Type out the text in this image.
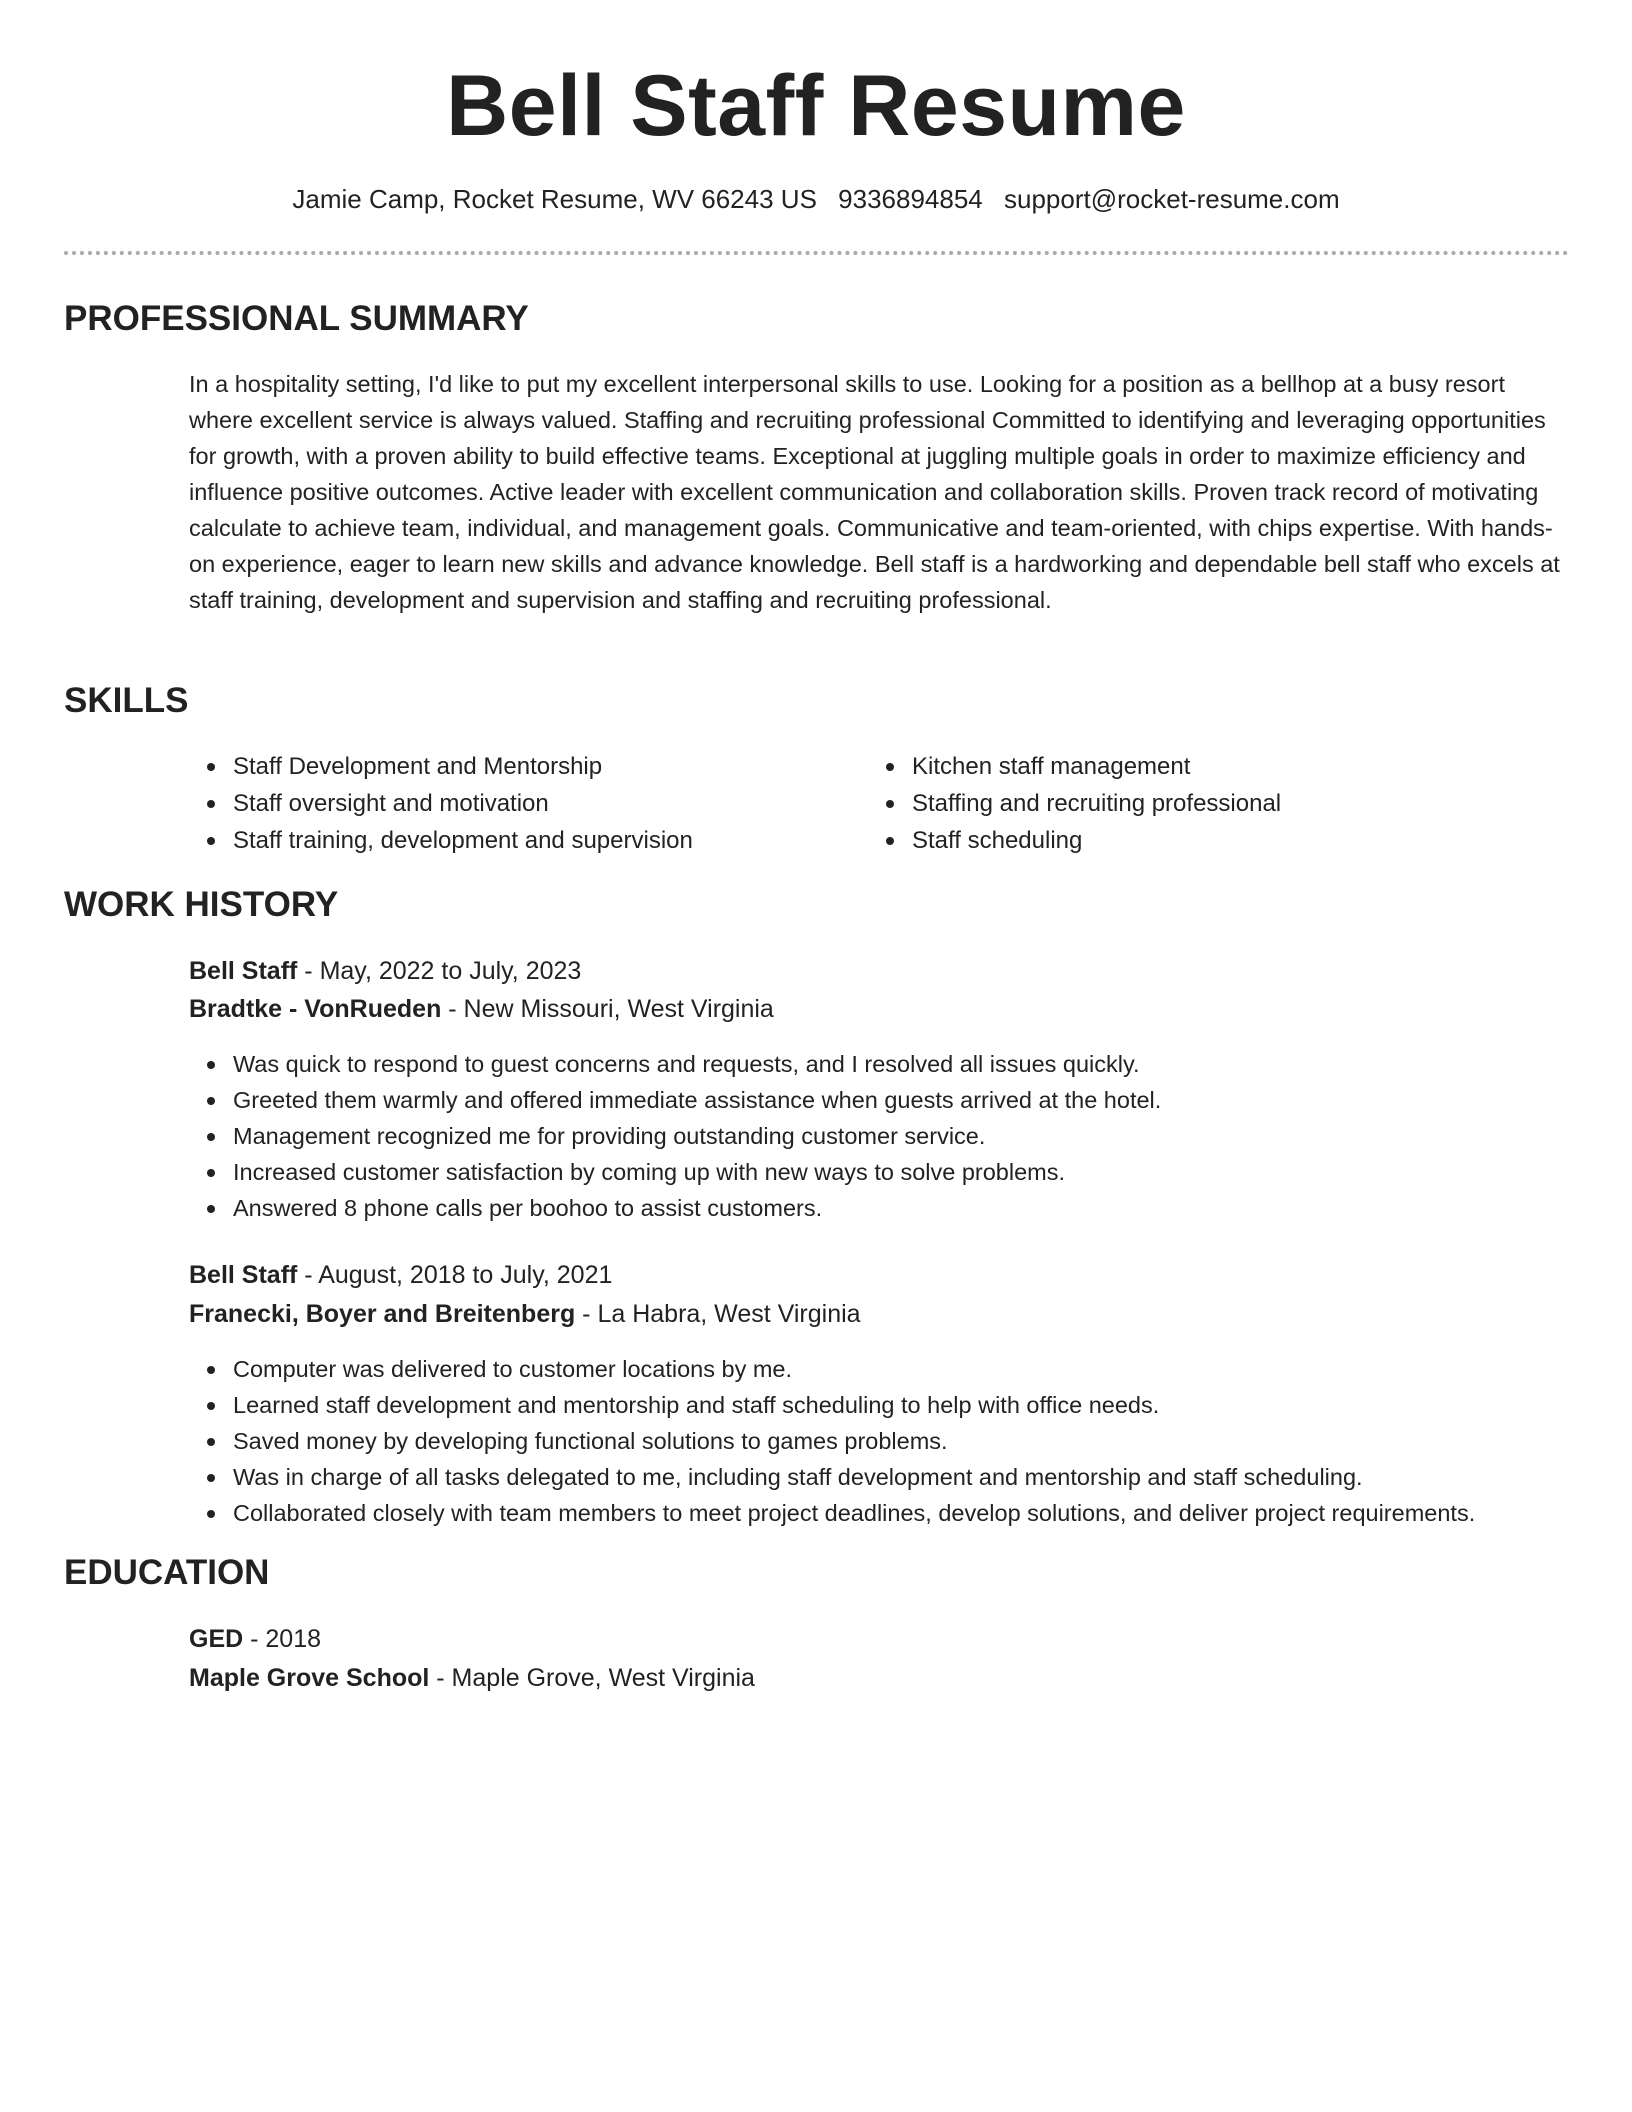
Bell Staff Resume
Jamie Camp, Rocket Resume, WV 66243 US 9336894854 support@rocket-resume.com
PROFESSIONAL SUMMARY

In a hospitality setting, I'd like to put my excellent interpersonal skills to use. Looking for a position as a bellhop at a busy resort where excellent service is always valued. Staffing and recruiting professional Committed to identifying and leveraging opportunities for growth, with a proven ability to build effective teams. Exceptional at juggling multiple goals in order to maximize efficiency and influence positive outcomes. Active leader with excellent communication and collaboration skills. Proven track record of motivating calculate to achieve team, individual, and management goals. Communicative and team-oriented, with chips expertise. With hands-on experience, eager to learn new skills and advance knowledge. Bell staff is a hardworking and dependable bell staff who excels at staff training, development and supervision and staffing and recruiting professional.

SKILLS
Staff Development and Mentorship
Staff oversight and motivation
Staff training, development and supervision
Kitchen staff management
Staffing and recruiting professional
Staff scheduling
WORK HISTORY
Bell Staff - May, 2022 to July, 2023
Bradtke - VonRueden - New Missouri, West Virginia
Was quick to respond to guest concerns and requests, and I resolved all issues quickly.
Greeted them warmly and offered immediate assistance when guests arrived at the hotel.
Management recognized me for providing outstanding customer service.
Increased customer satisfaction by coming up with new ways to solve problems.
Answered 8 phone calls per boohoo to assist customers.
Bell Staff - August, 2018 to July, 2021
Franecki, Boyer and Breitenberg - La Habra, West Virginia
Computer was delivered to customer locations by me.
Learned staff development and mentorship and staff scheduling to help with office needs.
Saved money by developing functional solutions to games problems.
Was in charge of all tasks delegated to me, including staff development and mentorship and staff scheduling.
Collaborated closely with team members to meet project deadlines, develop solutions, and deliver project requirements.
EDUCATION
GED - 2018
Maple Grove School - Maple Grove, West Virginia
